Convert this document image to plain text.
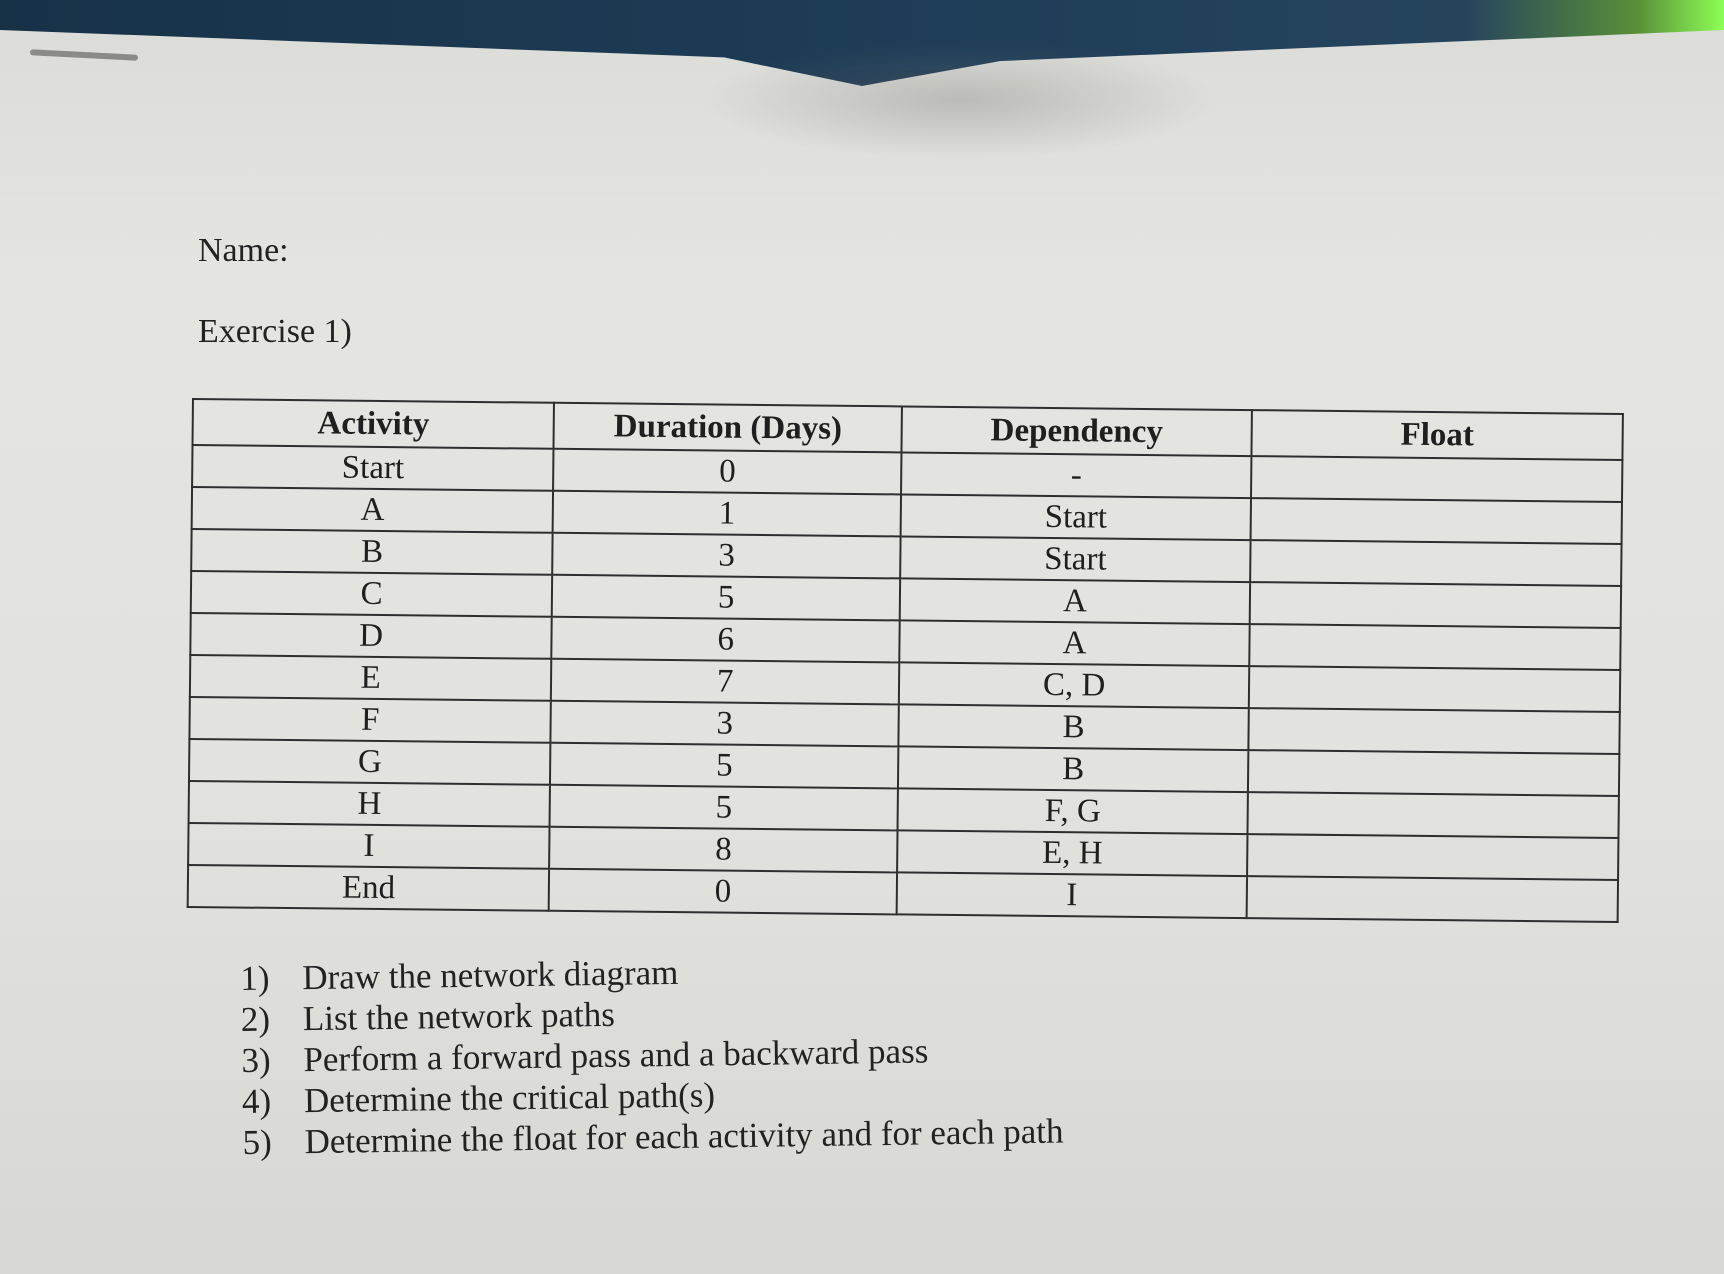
Name:
Exercise 1)
Activity	Duration (Days)	Dependency	Float
Start	0	-	
A	1	Start	
B	3	Start	
C	5	A	
D	6	A	
E	7	C, D	
F	3	B	
G	5	B	
H	5	F, G	
I	8	E, H	
End	0	I	
1) Draw the network diagram
2) List the network paths
3) Perform a forward pass and a backward pass
4) Determine the critical path(s)
5) Determine the float for each activity and for each path
